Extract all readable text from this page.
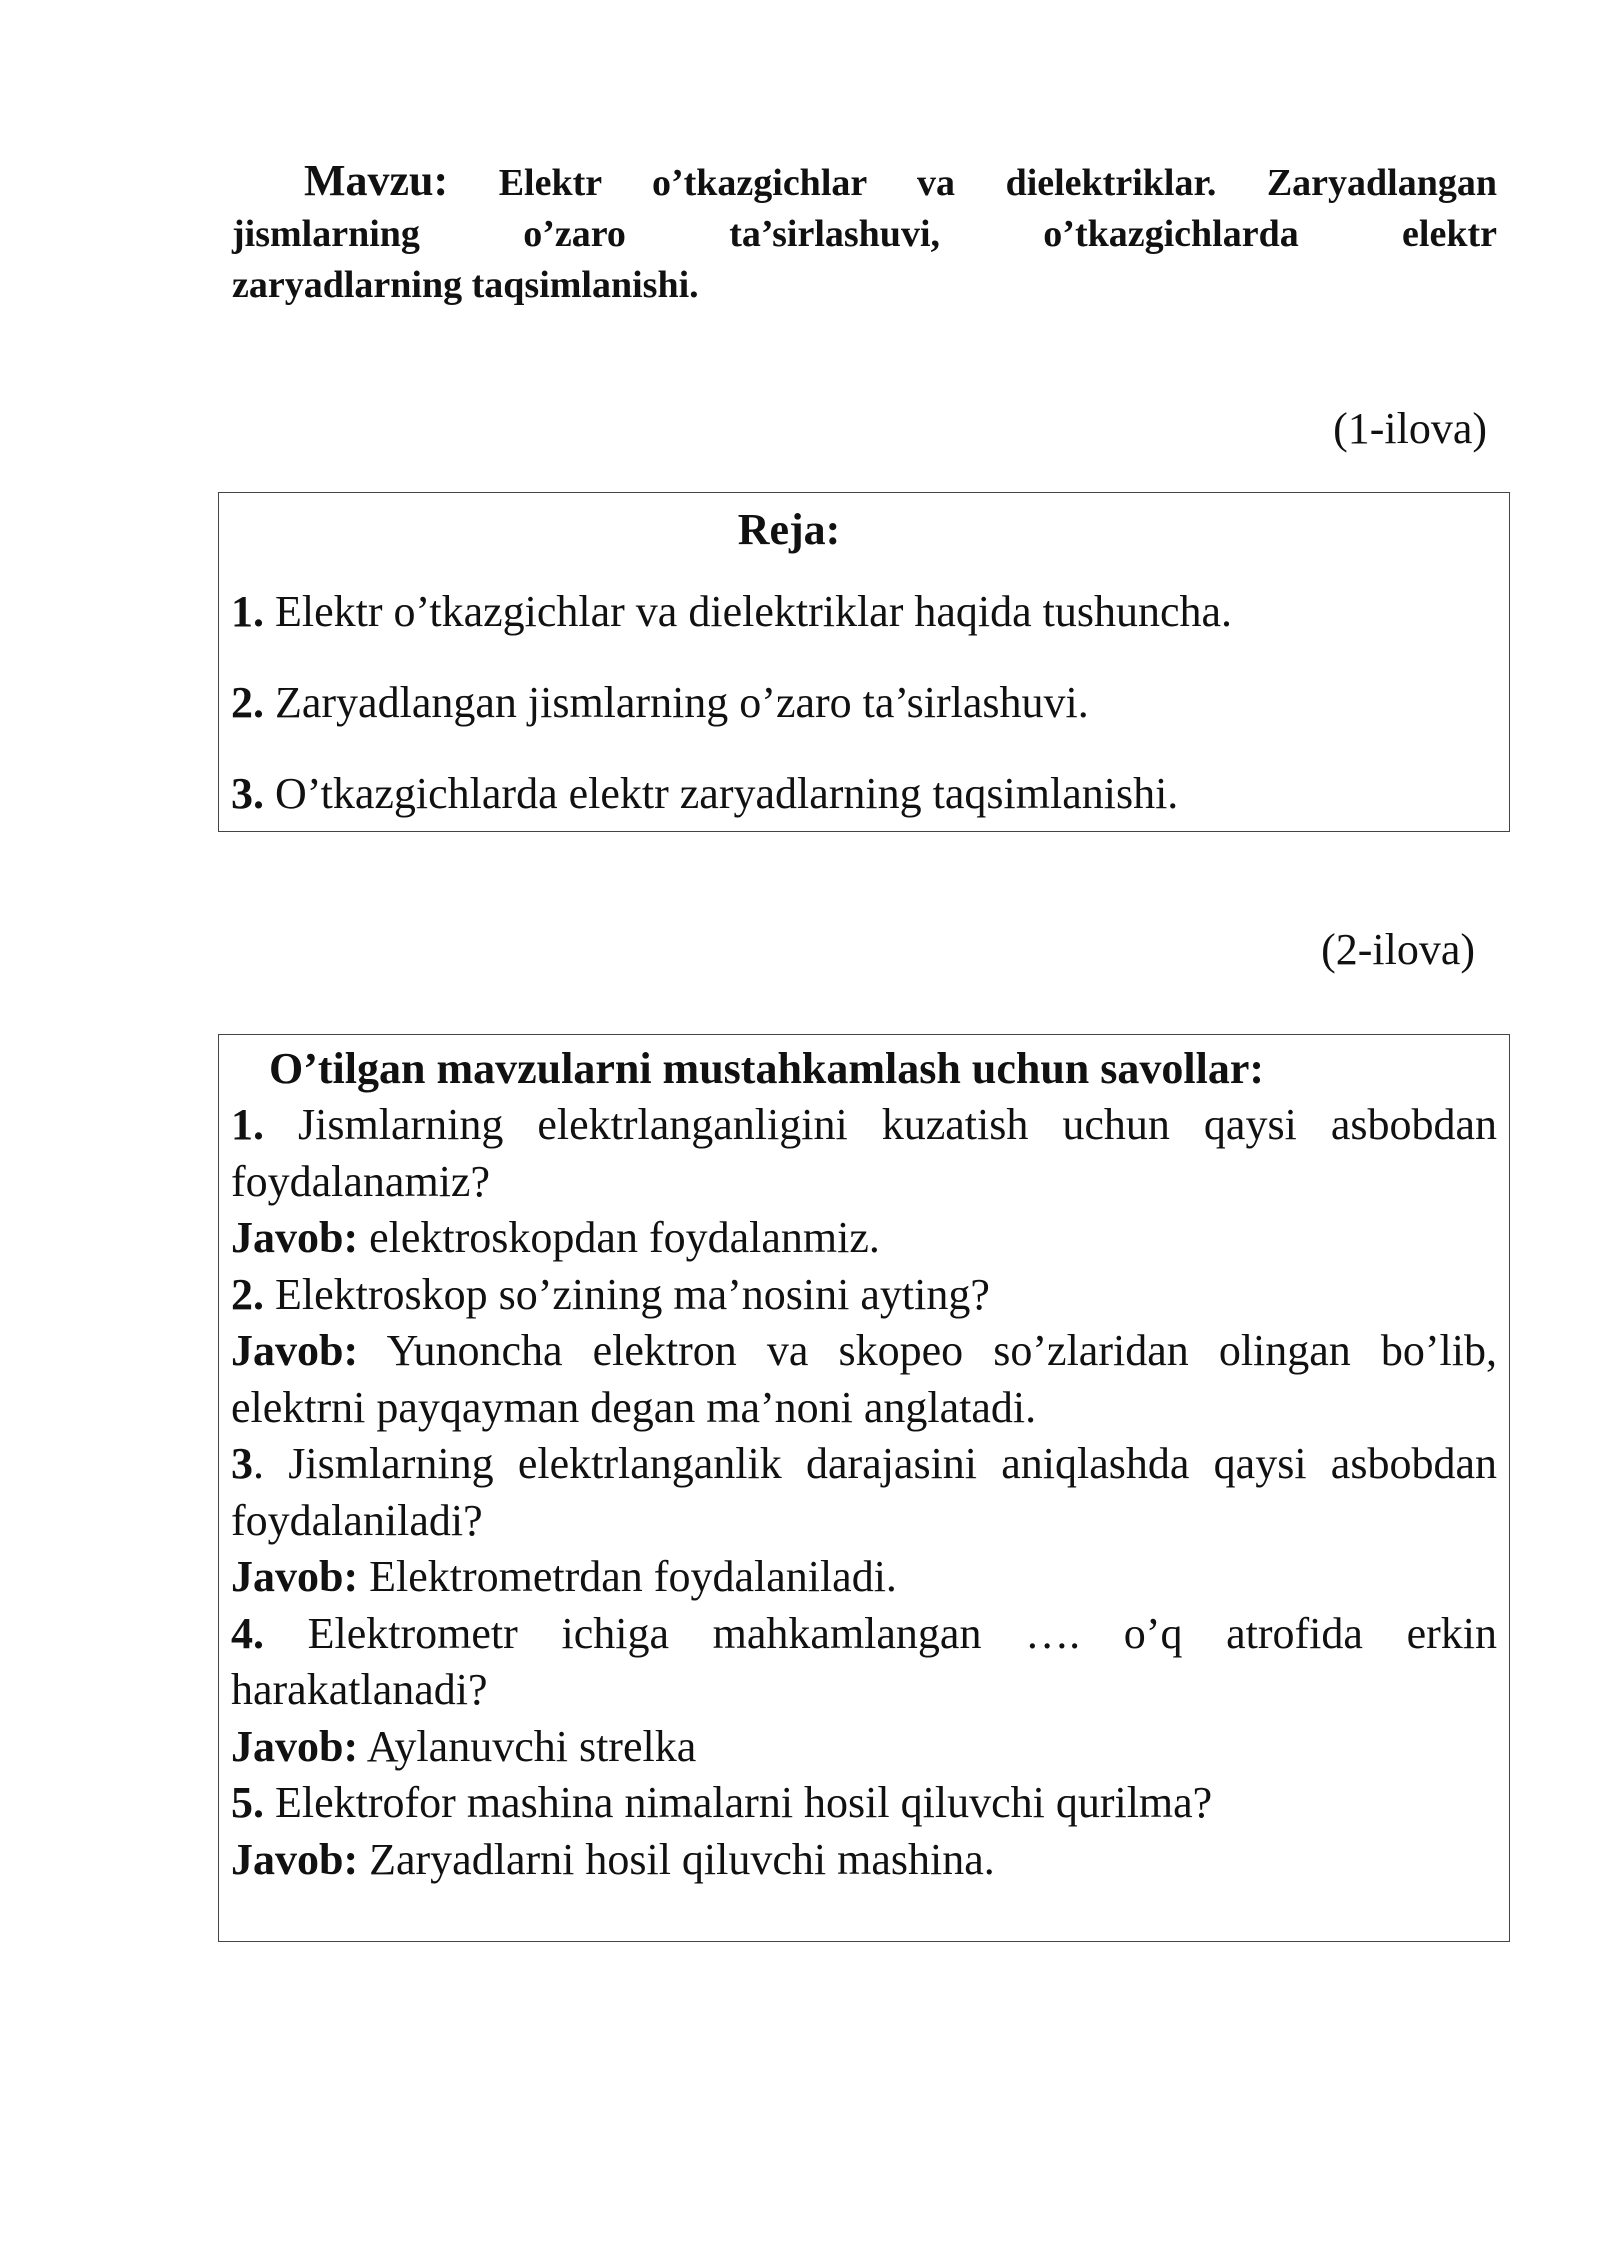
Mavzu: Elektr o’tkazgichlar va dielektriklar. Zaryadlangan
jismlarning o’zaro ta’sirlashuvi, o’tkazgichlarda elektr
zaryadlarning taqsimlanishi.
(1-ilova)
Reja:
1. Elektr o’tkazgichlar va dielektriklar haqida tushuncha.
2. Zaryadlangan jismlarning o’zaro ta’sirlashuvi.
3. O’tkazgichlarda elektr zaryadlarning taqsimlanishi.
(2-ilova)
O’tilgan mavzularni mustahkamlash uchun savollar:

1. Jismlarning elektrlanganligini kuzatish uchun qaysi asbobdan foydalanamiz?

Javob: elektroskopdan foydalanmiz.

2. Elektroskop so’zining ma’nosini ayting?

Javob: Yunoncha elektron va skopeo so’zlaridan olingan bo’lib, elektrni payqayman degan ma’noni anglatadi.

3. Jismlarning elektrlanganlik darajasini aniqlashda qaysi asbobdan foydalaniladi?

Javob: Elektrometrdan foydalaniladi.

4. Elektrometr ichiga mahkamlangan …. o’q atrofida erkin harakatlanadi?

Javob: Aylanuvchi strelka

5. Elektrofor mashina nimalarni hosil qiluvchi qurilma?

Javob: Zaryadlarni hosil qiluvchi mashina.
